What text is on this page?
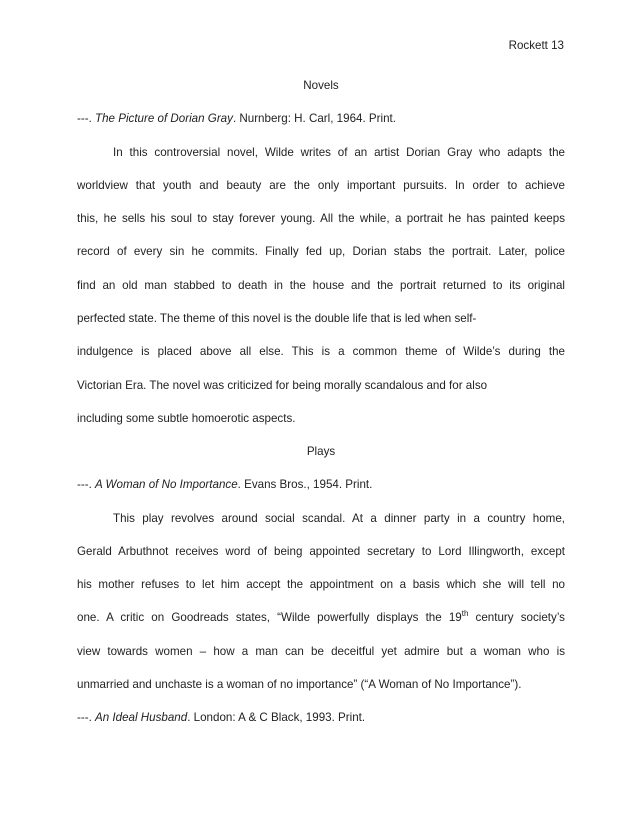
Rockett 13
Novels
---. The Picture of Dorian Gray. Nurnberg: H. Carl, 1964. Print.
In this controversial novel, Wilde writes of an artist Dorian Gray who adapts the
worldview that youth and beauty are the only important pursuits. In order to achieve
this, he sells his soul to stay forever young. All the while, a portrait he has painted keeps
record of every sin he commits. Finally fed up, Dorian stabs the portrait. Later, police
find an old man stabbed to death in the house and the portrait returned to its original
perfected state. The theme of this novel is the double life that is led when self-
indulgence is placed above all else. This is a common theme of Wilde’s during the
Victorian Era. The novel was criticized for being morally scandalous and for also
including some subtle homoerotic aspects.
Plays
---. A Woman of No Importance. Evans Bros., 1954. Print.
This play revolves around social scandal. At a dinner party in a country home,
Gerald Arbuthnot receives word of being appointed secretary to Lord Illingworth, except
his mother refuses to let him accept the appointment on a basis which she will tell no
one. A critic on Goodreads states, “Wilde powerfully displays the 19th century society’s
view towards women – how a man can be deceitful yet admire but a woman who is
unmarried and unchaste is a woman of no importance” (“A Woman of No Importance”).
---. An Ideal Husband. London: A & C Black, 1993. Print.
